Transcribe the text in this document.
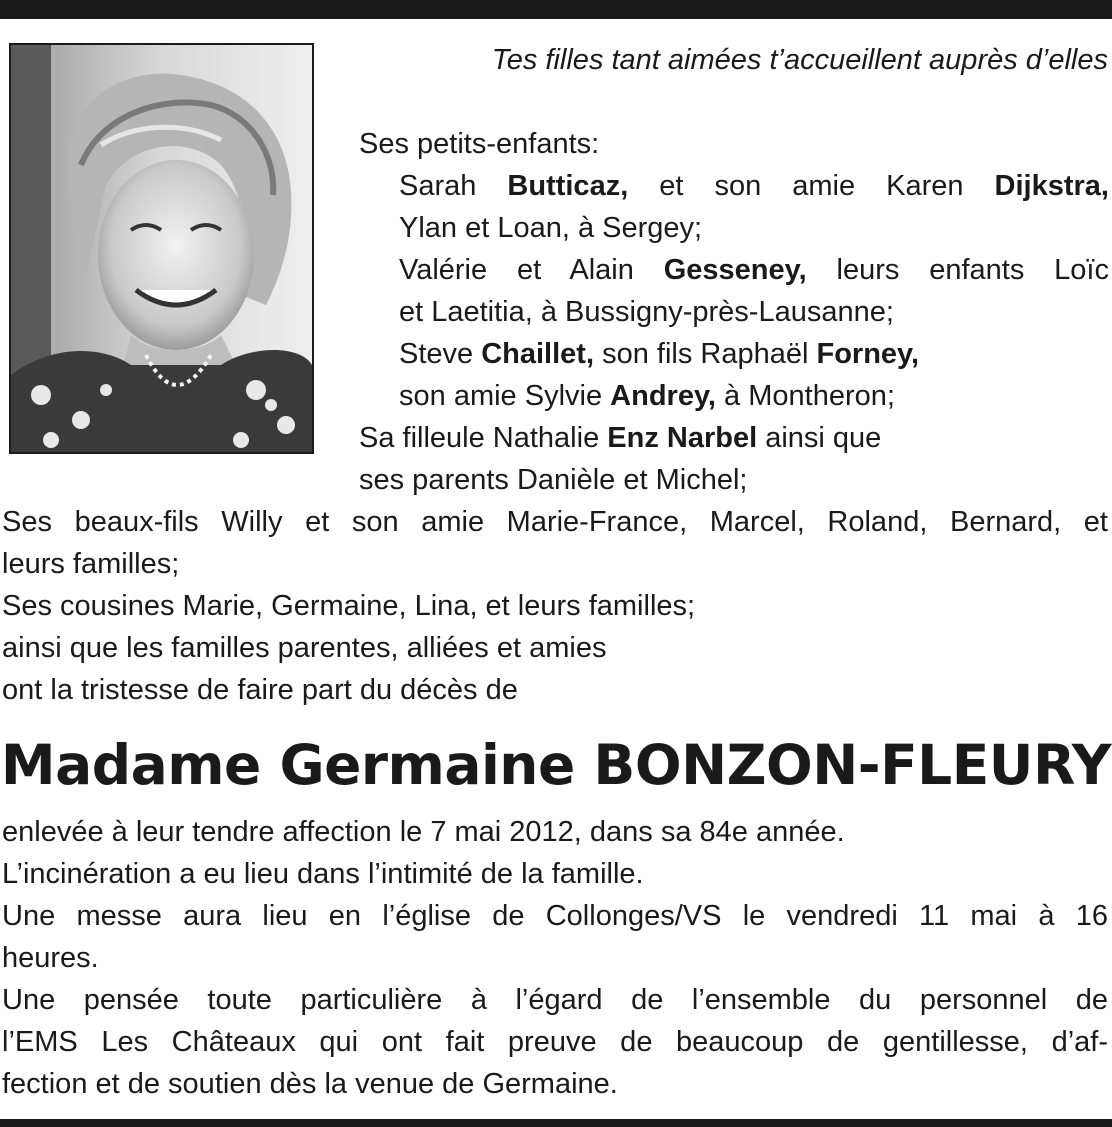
Tes filles tant aimées t’accueillent auprès d’elles

Ses petits-enfants:

Sarah Butticaz, et son amie Karen Dijkstra,

Ylan et Loan, à Sergey;

Valérie et Alain Gesseney, leurs enfants Loïc

et Laetitia, à Bussigny-près-Lausanne;

Steve Chaillet, son fils Raphaël Forney,

son amie Sylvie Andrey, à Montheron;

Sa filleule Nathalie Enz Narbel ainsi que

ses parents Danièle et Michel;

Ses beaux-fils Willy et son amie Marie-France, Marcel, Roland, Bernard, et

leurs familles;

Ses cousines Marie, Germaine, Lina, et leurs familles;

ainsi que les familles parentes, alliées et amies

ont la tristesse de faire part du décès de

Madame Germaine BONZON-FLEURY

enlevée à leur tendre affection le 7 mai 2012, dans sa 84e année.

L’incinération a eu lieu dans l’intimité de la famille.

Une messe aura lieu en l’église de Collonges/VS le vendredi 11 mai à 16

heures.

Une pensée toute particulière à l’égard de l’ensemble du personnel de

l’EMS Les Châteaux qui ont fait preuve de beaucoup de gentillesse, d’af-

fection et de soutien dès la venue de Germaine.
